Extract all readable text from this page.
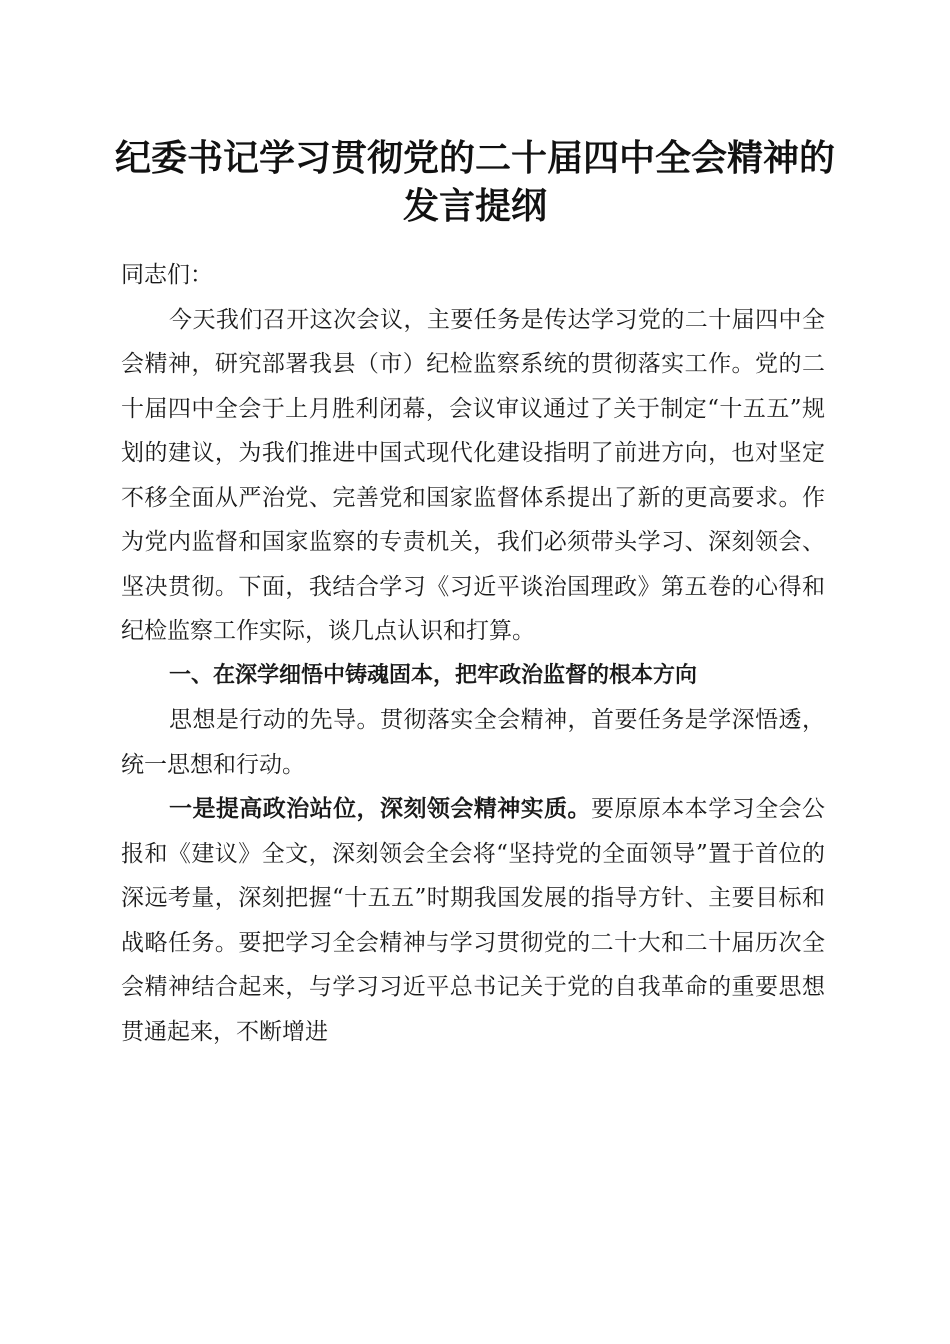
纪委书记学习贯彻党的二十届四中全会精神的
发言提纲

同志们：

今天我们召开这次会议，主要任务是传达学习党的二十届四中全会精神，研究部署我县（市）纪检监察系统的贯彻落实工作。党的二十届四中全会于上月胜利闭幕，会议审议通过了关于制定“十五五”规划的建议，为我们推进中国式现代化建设指明了前进方向，也对坚定不移全面从严治党、完善党和国家监督体系提出了新的更高要求。作为党内监督和国家监察的专责机关，我们必须带头学习、深刻领会、坚决贯彻。下面，我结合学习《习近平谈治国理政》第五卷的心得和纪检监察工作实际，谈几点认识和打算。

一、在深学细悟中铸魂固本，把牢政治监督的根本方向

思想是行动的先导。贯彻落实全会精神，首要任务是学深悟透，统一思想和行动。

一是提高政治站位，深刻领会精神实质。要原原本本学习全会公报和《建议》全文，深刻领会全会将“坚持党的全面领导”置于首位的深远考量，深刻把握“十五五”时期我国发展的指导方针、主要目标和战略任务。要把学习全会精神与学习贯彻党的二十大和二十届历次全会精神结合起来，与学习习近平总书记关于党的自我革命的重要思想贯通起来，不断增进
